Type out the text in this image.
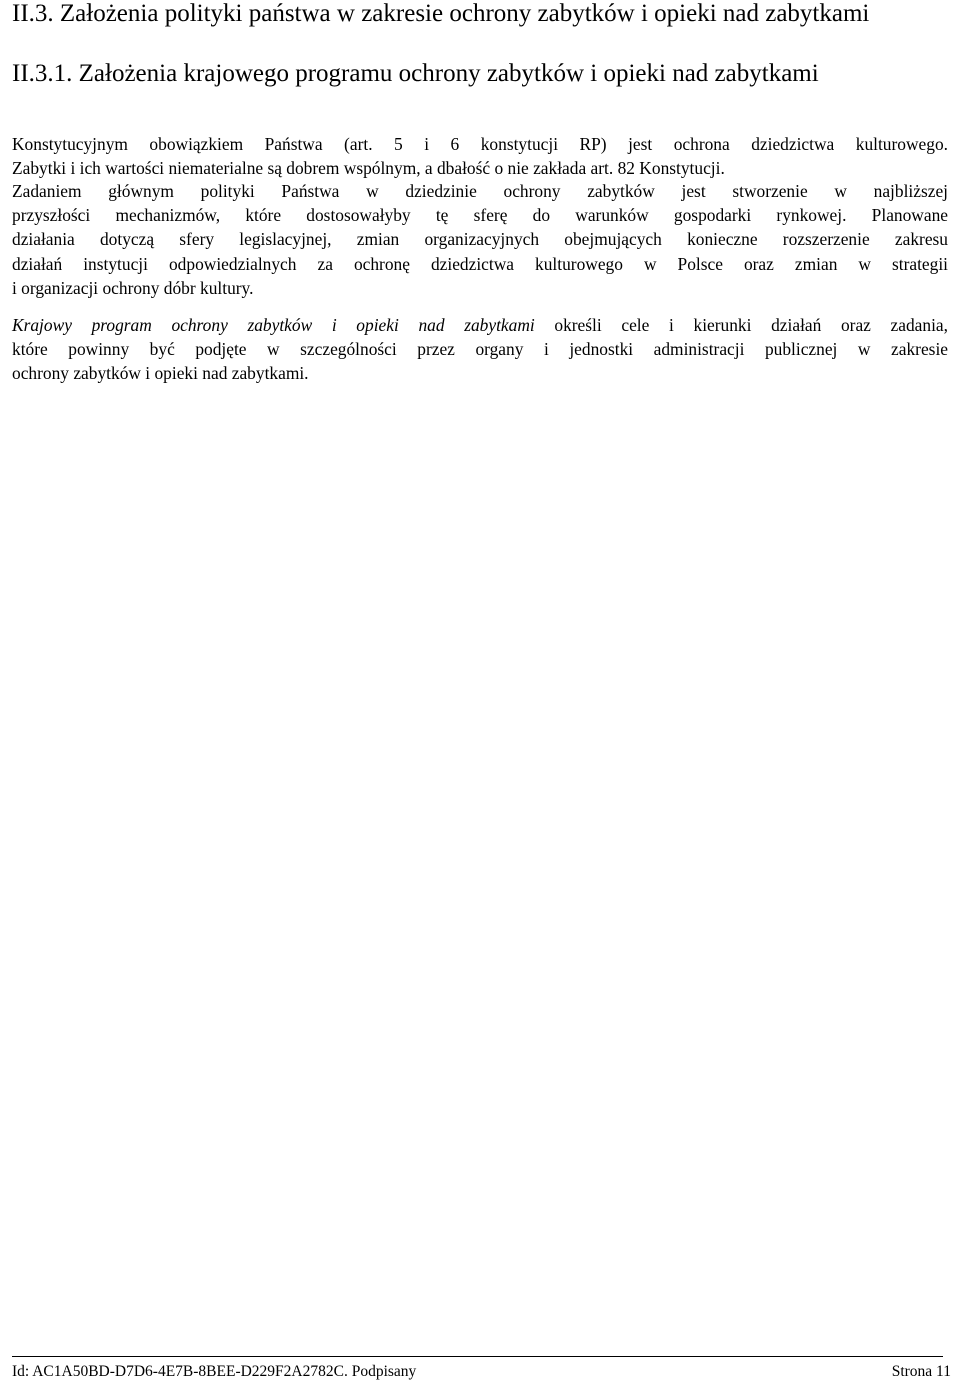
II.3. Założenia polityki państwa w zakresie ochrony zabytków i opieki nad zabytkami
II.3.1. Założenia krajowego programu ochrony zabytków i opieki nad zabytkami

Konstytucyjnym obowiązkiem Państwa (art. 5 i 6 konstytucji RP) jest ochrona dziedzictwa kulturowego.
Zabytki i ich wartości niematerialne są dobrem wspólnym, a dbałość o nie zakłada art. 82 Konstytucji.

Zadaniem głównym polityki Państwa w dziedzinie ochrony zabytków jest stworzenie w najbliższej
przyszłości mechanizmów, które dostosowałyby tę sferę do warunków gospodarki rynkowej. Planowane
działania dotyczą sfery legislacyjnej, zmian organizacyjnych obejmujących konieczne rozszerzenie zakresu
działań instytucji odpowiedzialnych za ochronę dziedzictwa kulturowego w Polsce oraz zmian w strategii
i organizacji ochrony dóbr kultury.

Krajowy program ochrony zabytków i opieki nad zabytkami określi cele i kierunki działań oraz zadania,
które powinny być podjęte w szczególności przez organy i jednostki administracji publicznej w zakresie
ochrony zabytków i opieki nad zabytkami.

Id: AC1A50BD-D7D6-4E7B-8BEE-D229F2A2782C. Podpisany	Strona 11
